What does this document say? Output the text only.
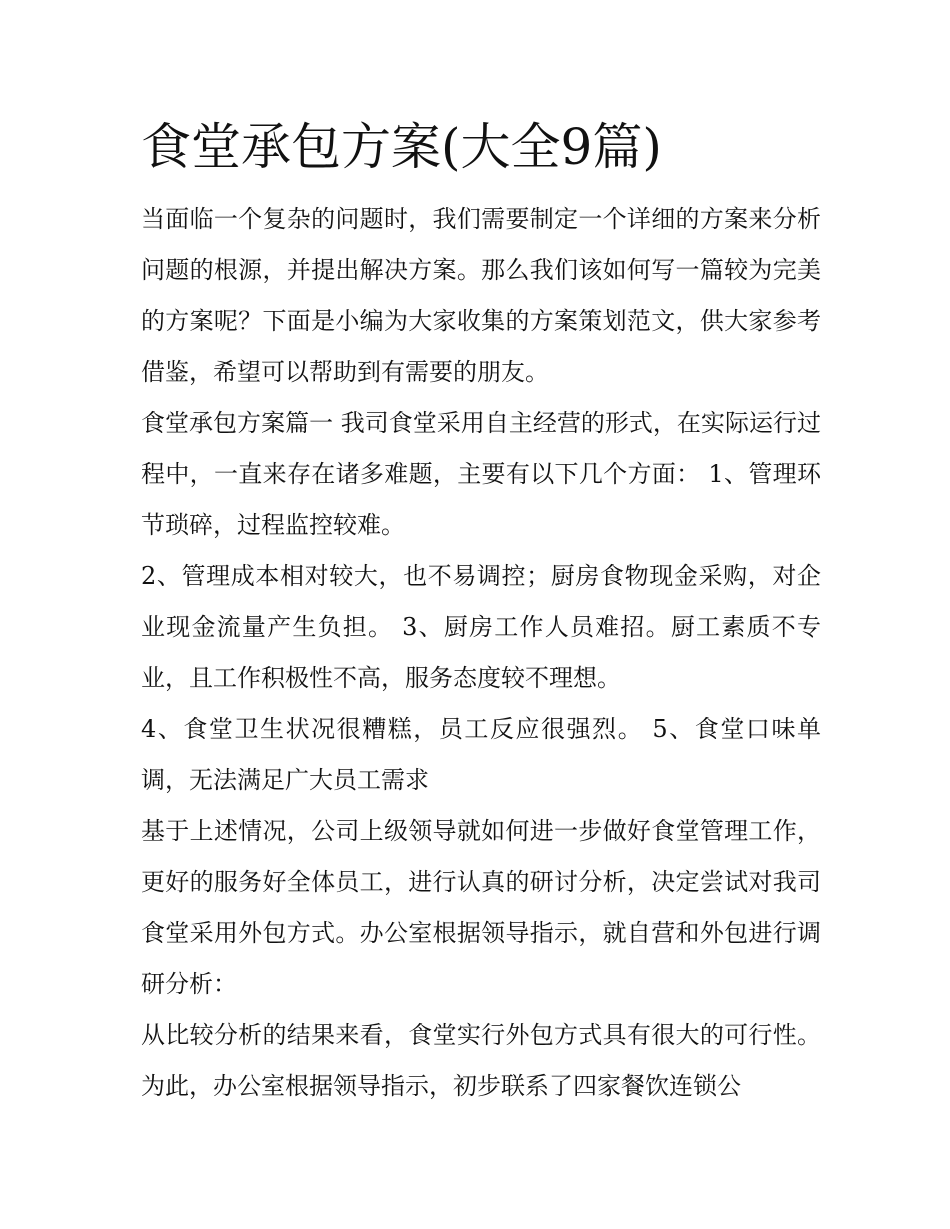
食堂承包方案(大全9篇)

当面临一个复杂的问题时，我们需要制定一个详细的方案来分析问题的根源，并提出解决方案。那么我们该如何写一篇较为完美的方案呢？下面是小编为大家收集的方案策划范文，供大家参考借鉴，希望可以帮助到有需要的朋友。

食堂承包方案篇一 我司食堂采用自主经营的形式，在实际运行过程中，一直来存在诸多难题，主要有以下几个方面： 1、管理环节琐碎，过程监控较难。

2、管理成本相对较大，也不易调控；厨房食物现金采购，对企业现金流量产生负担。 3、厨房工作人员难招。厨工素质不专业，且工作积极性不高，服务态度较不理想。

4、食堂卫生状况很糟糕，员工反应很强烈。 5、食堂口味单调，无法满足广大员工需求

基于上述情况，公司上级领导就如何进一步做好食堂管理工作，更好的服务好全体员工，进行认真的研讨分析，决定尝试对我司食堂采用外包方式。办公室根据领导指示，就自营和外包进行调研分析：

从比较分析的结果来看，食堂实行外包方式具有很大的可行性。为此，办公室根据领导指示，初步联系了四家餐饮连锁公
